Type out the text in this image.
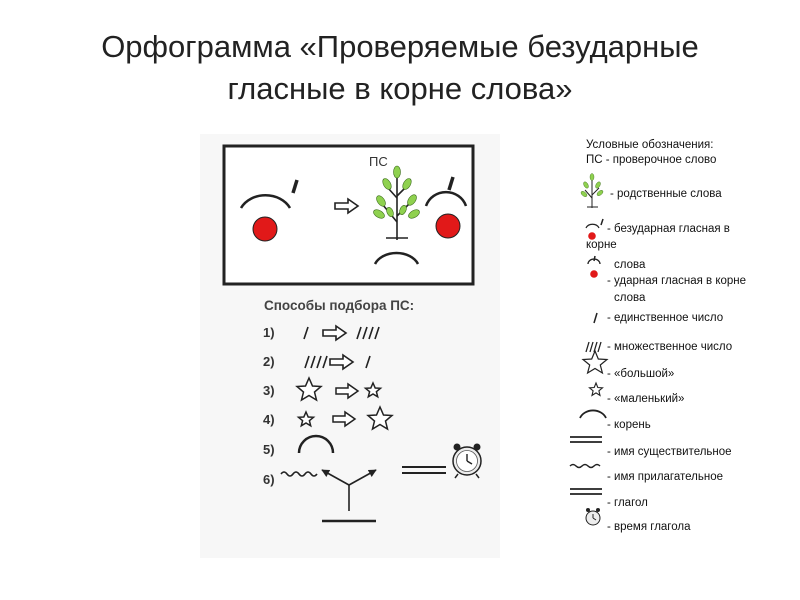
Орфограмма «Проверяемые безударные
гласные в корне слова»
ПС
Способы подбора ПС:
1)
2)
3)
4)
5)
6)
Условные обозначения:
ПС - проверочное слово
- родственные слова
- безударная гласная в
корне
слова
- ударная гласная в корне
слова
- единственное число
- множественное число
- «большой»
- «маленький»
- корень
- имя существительное
- имя прилагательное
- глагол
- время глагола
